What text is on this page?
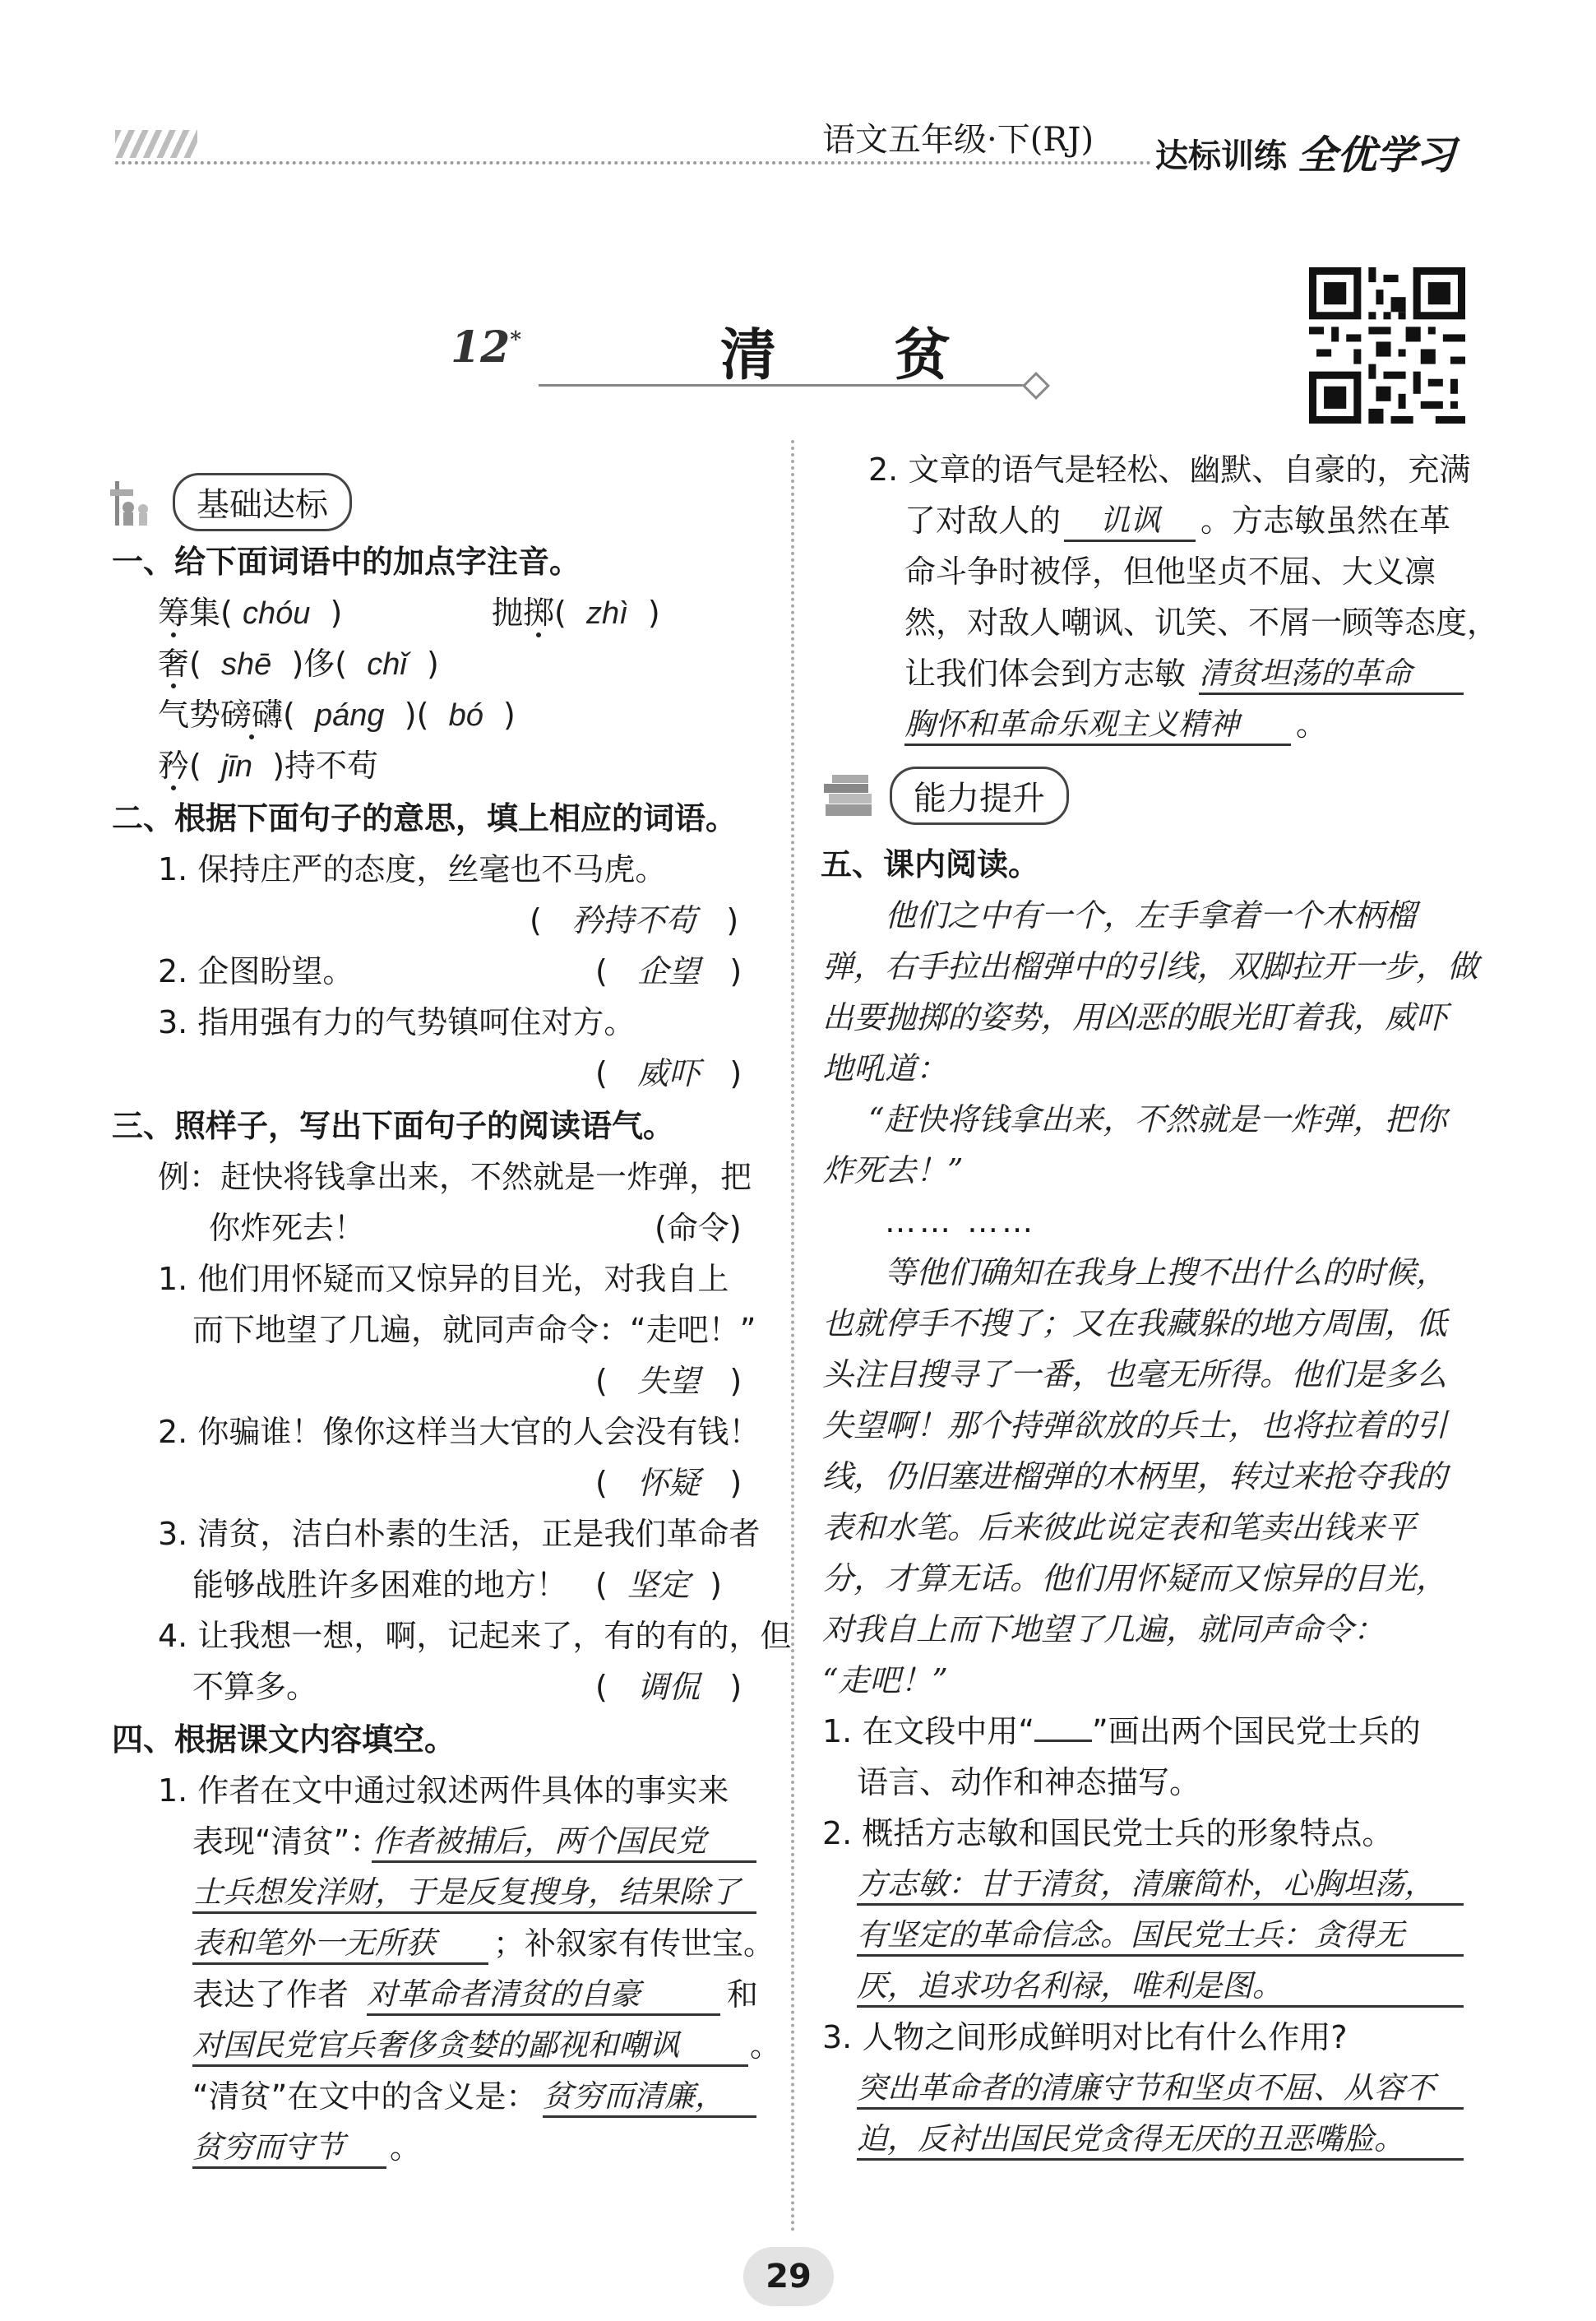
语文五年级·下(RJ) 达标训练 全优学习
12*	清 贫
基础达标
一、给下面词语中的加点字注音。
筹集( chóu )	抛掷( zhì )
奢( shē )侈( chǐ )
气势磅礴( páng )( bó )
矜( jīn )持不苟
二、根据下面句子的意思，填上相应的词语。
1. 保持庄严的态度，丝毫也不马虎。
(   矜持不苟   )
2. 企图盼望。	(   企望   )
3. 指用强有力的气势镇呵住对方。
(   威吓   )
三、照样子，写出下面句子的阅读语气。
例：赶快将钱拿出来，不然就是一炸弹，把
你炸死去！	(命令)
1. 他们用怀疑而又惊异的目光，对我自上
而下地望了几遍，就同声命令：“走吧！”
(   失望   )
2. 你骗谁！像你这样当大官的人会没有钱！
(   怀疑   )
3. 清贫，洁白朴素的生活，正是我们革命者
能够战胜许多困难的地方！ (  坚定  )
4. 让我想一想，啊，记起来了，有的有的，但
不算多。	(   调侃   )
四、根据课文内容填空。
1. 作者在文中通过叙述两件具体的事实来
表现“清贫”：
作者被捕后，两个国民党
士兵想发洋财，于是反复搜身，结果除了
表和笔外一无所获	；补叙家有传世宝。
表达了作者 对革命者清贫的自豪	和
对国民党官兵奢侈贪婪的鄙视和嘲讽	。
“清贫”在文中的含义是： 贫穷而清廉，
贫穷而守节	。
2. 文章的语气是轻松、幽默、自豪的，充满
了对敌人的	讥讽	。方志敏虽然在革
命斗争时被俘，但他坚贞不屈、大义凛
然，对敌人嘲讽、讥笑、不屑一顾等态度，
让我们体会到方志敏 清贫坦荡的革命
胸怀和革命乐观主义精神	。
能力提升
五、课内阅读。
他们之中有一个，左手拿着一个木柄榴
弹，右手拉出榴弹中的引线，双脚拉开一步，做
出要抛掷的姿势，用凶恶的眼光盯着我，威吓
地吼道：
“赶快将钱拿出来，不然就是一炸弹，把你
炸死去！”
…… ……
等他们确知在我身上搜不出什么的时候，
也就停手不搜了；又在我藏躲的地方周围，低
头注目搜寻了一番，也毫无所得。他们是多么
失望啊！那个持弹欲放的兵士，也将拉着的引
线，仍旧塞进榴弹的木柄里，转过来抢夺我的
表和水笔。后来彼此说定表和笔卖出钱来平
分，才算无话。他们用怀疑而又惊异的目光，
对我自上而下地望了几遍，就同声命令：
“走吧！”
1. 在文段中用“ ”画出两个国民党士兵的
语言、动作和神态描写。
2. 概括方志敏和国民党士兵的形象特点。
方志敏：甘于清贫，清廉简朴，心胸坦荡，
有坚定的革命信念。国民党士兵：贪得无
厌，追求功名利禄，唯利是图。
3. 人物之间形成鲜明对比有什么作用?
突出革命者的清廉守节和坚贞不屈、从容不
迫，反衬出国民党贪得无厌的丑恶嘴脸。
29
